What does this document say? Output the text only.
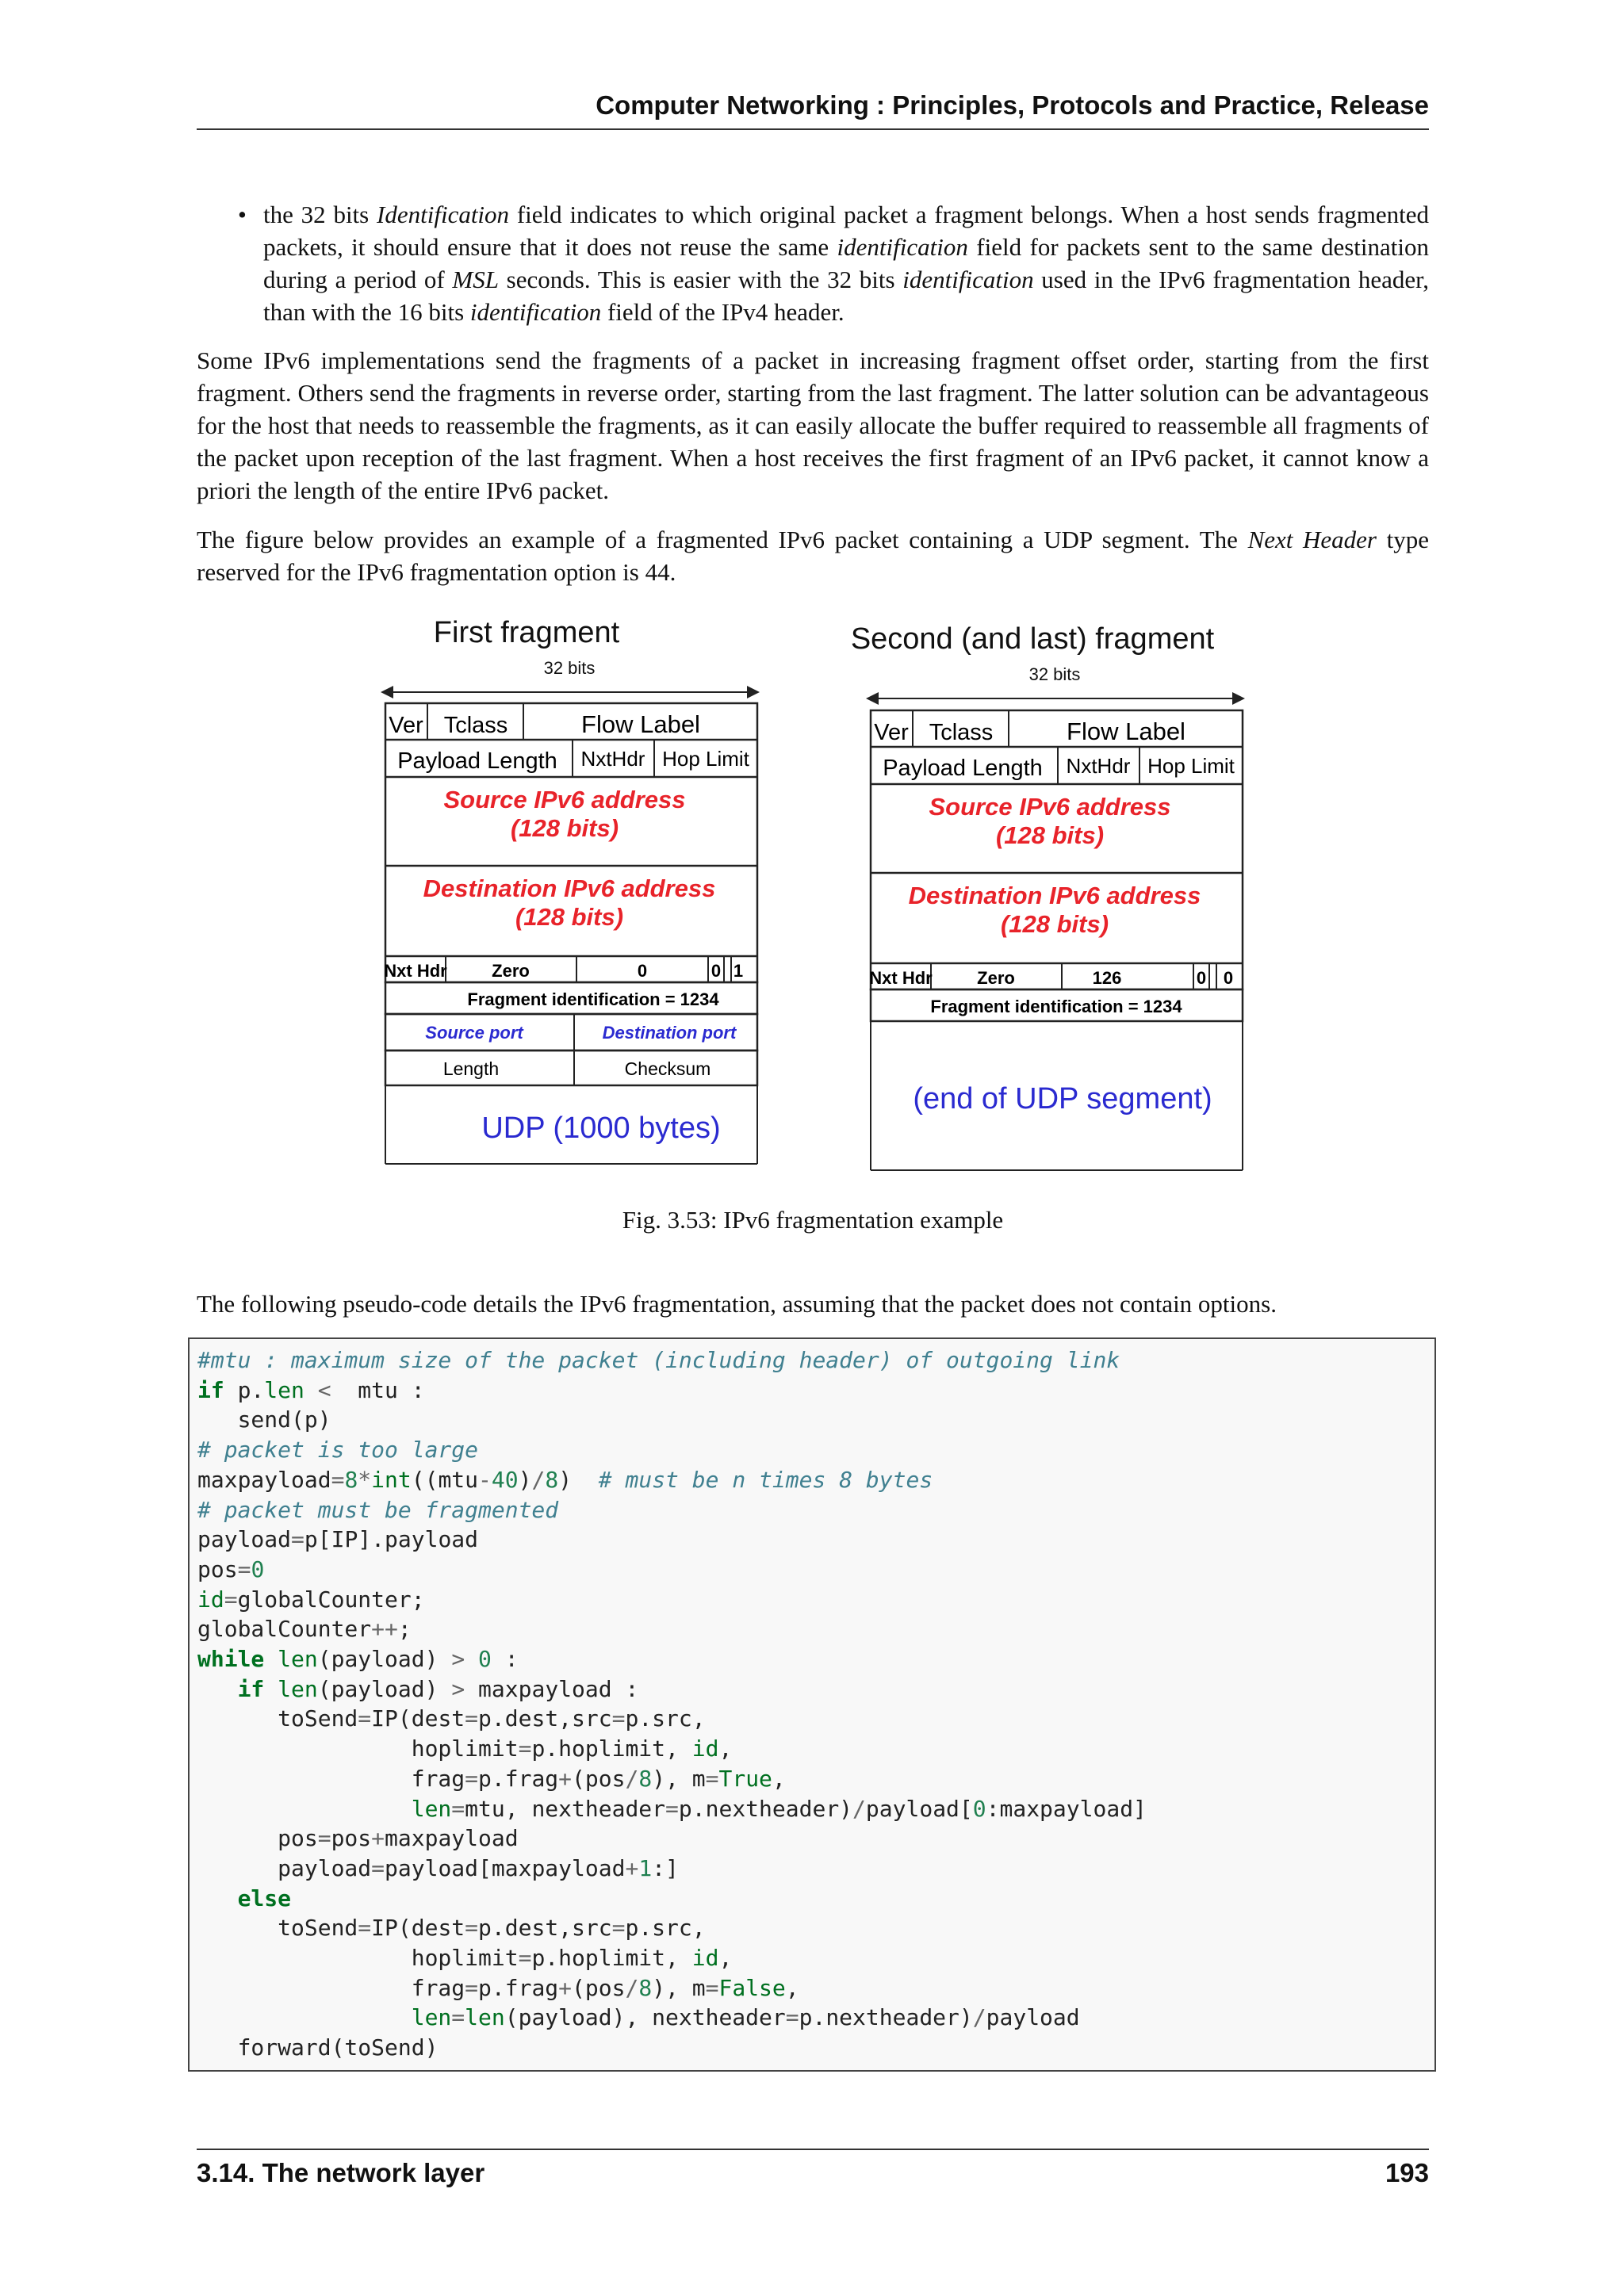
Computer Networking : Principles, Protocols and Practice, Release
• the 32 bits Identification field indicates to which original packet a fragment belongs. When a host sends fragmented packets, it should ensure that it does not reuse the same identification field for packets sent to the same destination during a period of MSL seconds. This is easier with the 32 bits identification used in the IPv6 fragmentation header, than with the 16 bits identification field of the IPv4 header.
Some IPv6 implementations send the fragments of a packet in increasing fragment offset order, starting from the first fragment. Others send the fragments in reverse order, starting from the last fragment. The latter solution can be advantageous for the host that needs to reassemble the fragments, as it can easily allocate the buffer required to reassemble all fragments of the packet upon reception of the last fragment. When a host receives the first fragment of an IPv6 packet, it cannot know a priori the length of the entire IPv6 packet.
The figure below provides an example of a fragmented IPv6 packet containing a UDP segment. The Next Header type reserved for the IPv6 fragmentation option is 44.
First fragment
32 bits
Ver Tclass	Flow Label
Payload Length NxtHdr Hop Limit
Source IPv6 address
(128 bits)
Destination IPv6 address
(128 bits)
Nxt Hdr	Zero	0	0 1
Fragment identification = 1234
Source port	Destination port
Length	Checksum
UDP (1000 bytes)
Second (and last) fragment
32 bits
Ver Tclass	Flow Label
Payload Length NxtHdr Hop Limit
Source IPv6 address
(128 bits)
Destination IPv6 address
(128 bits)
Nxt Hdr	Zero	126	0 0
Fragment identification = 1234
(end of UDP segment)
Fig. 3.53: IPv6 fragmentation example
The following pseudo-code details the IPv6 fragmentation, assuming that the packet does not contain options.
#mtu : maximum size of the packet (including header) of outgoing link
if p.len <  mtu :
send(p)
# packet is too large
maxpayload=8*int((mtu-40)/8)  # must be n times 8 bytes
# packet must be fragmented
payload=p[IP].payload
pos=0
id=globalCounter;
globalCounter++;
while len(payload) > 0 :
if len(payload) > maxpayload :
toSend=IP(dest=p.dest,src=p.src,
hoplimit=p.hoplimit, id,
frag=p.frag+(pos/8), m=True,
len=mtu, nextheader=p.nextheader)/payload[0:maxpayload]
pos=pos+maxpayload
payload=payload[maxpayload+1:]
else
toSend=IP(dest=p.dest,src=p.src,
hoplimit=p.hoplimit, id,
frag=p.frag+(pos/8), m=False,
len=len(payload), nextheader=p.nextheader)/payload
forward(toSend)
3.14. The network layer	193
